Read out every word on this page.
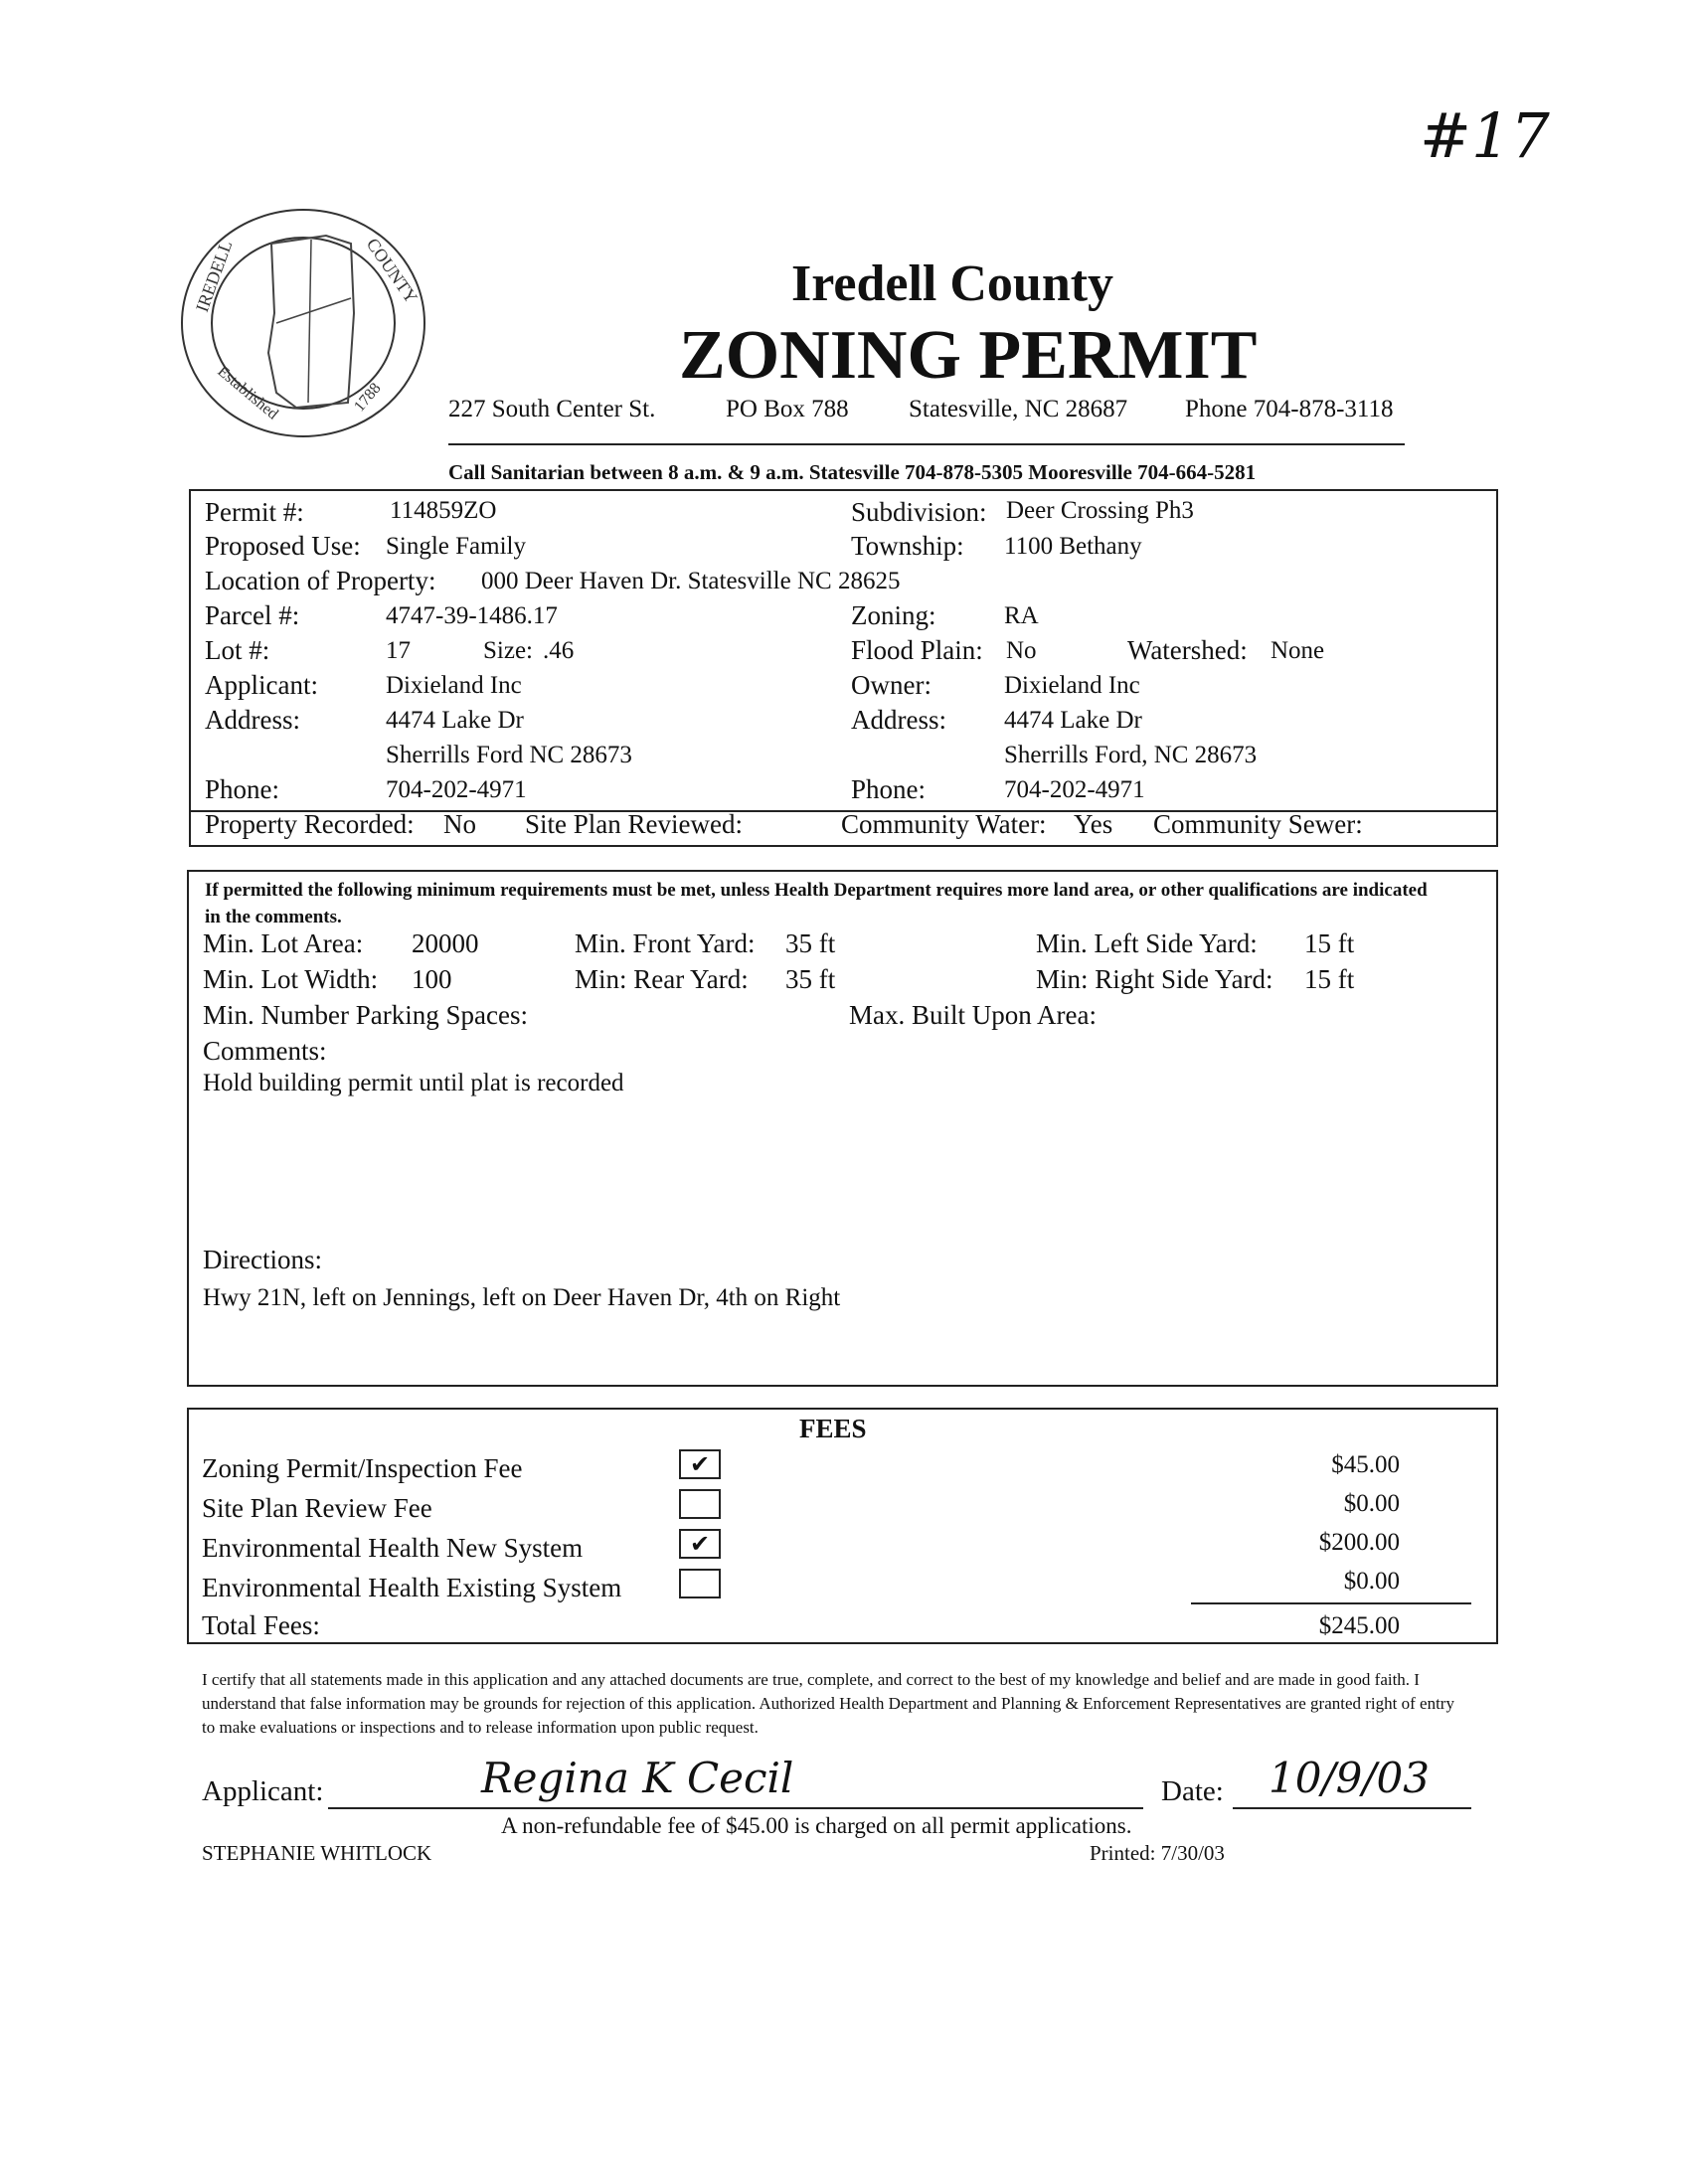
#17
IREDELL	COUNTY
Established	1788
Iredell County
ZONING PERMIT
227 South Center St.	PO Box 788 Statesville, NC 28687 Phone 704-878-3118
Call Sanitarian between 8 a.m. & 9 a.m. Statesville 704-878-5305 Mooresville 704-664-5281
Permit #:	114859ZO	Subdivision: Deer Crossing Ph3
Proposed Use: Single Family	Township: 1100 Bethany
Location of Property: 000 Deer Haven Dr. Statesville NC 28625
Parcel #:	4747-39-1486.17	Zoning:	RA
Lot #:	17	Size: .46	Flood Plain: No	Watershed: None
Applicant:	Dixieland Inc	Owner:	Dixieland Inc
Address:	4474 Lake Dr	Address: 4474 Lake Dr
Sherrills Ford NC 28673	Sherrills Ford, NC 28673
Phone:	704-202-4971	Phone:	704-202-4971
Property Recorded: No Site Plan Reviewed:	Community Water: Yes Community Sewer:
If permitted the following minimum requirements must be met, unless Health Department requires more land area, or other qualifications are indicated in the comments.
Min. Lot Area: 20000	Min. Front Yard: 35 ft	Min. Left Side Yard: 15 ft
Min. Lot Width: 100	Min: Rear Yard: 35 ft	Min: Right Side Yard: 15 ft
Min. Number Parking Spaces:	Max. Built Upon Area:
Comments:
Hold building permit until plat is recorded
Directions:
Hwy 21N, left on Jennings, left on Deer Haven Dr, 4th on Right
FEES
Zoning Permit/Inspection Fee	✔	$45.00
Site Plan Review Fee	$0.00
Environmental Health New System	✔	$200.00
Environmental Health Existing System	$0.00
Total Fees:	$245.00
I certify that all statements made in this application and any attached documents are true, complete, and correct to the best of my knowledge and belief and are made in good faith. I understand that false information may be grounds for rejection of this application. Authorized Health Department and Planning & Enforcement Representatives are granted right of entry to make evaluations or inspections and to release information upon public request.
Applicant:	Regina K Cecil	Date: 10/9/03
A non-refundable fee of $45.00 is charged on all permit applications.
STEPHANIE WHITLOCK	Printed: 7/30/03
